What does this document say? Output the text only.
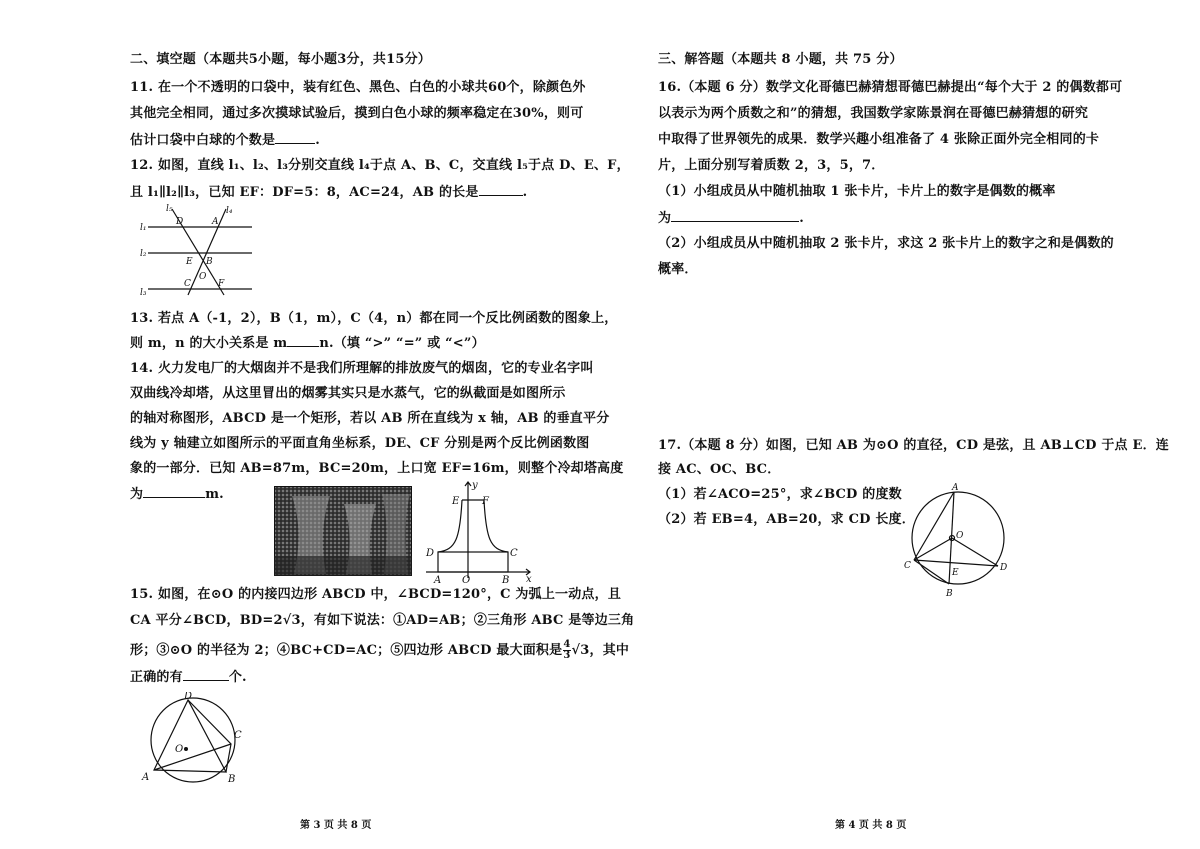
二、填空题（本题共5小题，每小题3分，共15分）
11. 在一个不透明的口袋中，装有红色、黑色、白色的小球共60个，除颜色外
其他完全相同，通过多次摸球试验后，摸到白色小球的频率稳定在30%，则可
估计口袋中白球的个数是	.
12. 如图，直线 l₁、l₂、l₃分别交直线 l₄于点 A、B、C，交直线 l₅于点 D、E、F，
且 l₁∥l₂∥l₃，已知 EF：DF=5：8，AC=24，AB 的长是	.
l₁
l₂
l₃
l₄
l₅
D	A
E B
O
C	F
13. 若点 A（-1，2），B（1，m），C（4，n）都在同一个反比例函数的图象上，
则 m，n 的大小关系是 m n.（填 “>” “=” 或 “<”）
14. 火力发电厂的大烟囱并不是我们所理解的排放废气的烟囱，它的专业名字叫
双曲线冷却塔，从这里冒出的烟雾其实只是水蒸气，它的纵截面是如图所示
的轴对称图形，ABCD 是一个矩形，若以 AB 所在直线为 x 轴，AB 的垂直平分
线为 y 轴建立如图所示的平面直角坐标系，DE、CF 分别是两个反比例函数图
象的一部分．已知 AB=87m，BC=20m，上口宽 EF=16m，则整个冷却塔高度
为	m.
y
x
E F
D	C
A O	B
15. 如图，在⊙O 的内接四边形 ABCD 中，∠BCD=120°，C 为弧上一动点，且
CA 平分∠BCD，BD=2√3，有如下说法：①AD=AB；②三角形 ABC 是等边三角
形；③⊙O 的半径为 2；④BC+CD=AC；⑤四边形 ABCD 最大面积是 $\frac{4}{3} √3$，其中
正确的有	个.
D
C
O
A	B
第 3 页 共 8 页
三、解答题（本题共 8 小题，共 75 分）
16.（本题 6 分）数学文化哥德巴赫猜想哥德巴赫提出“每个大于 2 的偶数都可
以表示为两个质数之和”的猜想，我国数学家陈景润在哥德巴赫猜想的研究
中取得了世界领先的成果．数学兴趣小组准备了 4 张除正面外完全相同的卡
片，上面分别写着质数 2，3，5，7．
（1）小组成员从中随机抽取 1 张卡片，卡片上的数字是偶数的概率
为	.
（2）小组成员从中随机抽取 2 张卡片，求这 2 张卡片上的数字之和是偶数的
概率．
17.（本题 8 分）如图，已知 AB 为⊙O 的直径，CD 是弦，且 AB⊥CD 于点 E．连
接 AC、OC、BC．
（1）若∠ACO=25°，求∠BCD 的度数
（2）若 EB=4，AB=20，求 CD 长度．
A
O
C	D
E
B
第 4 页 共 8 页
